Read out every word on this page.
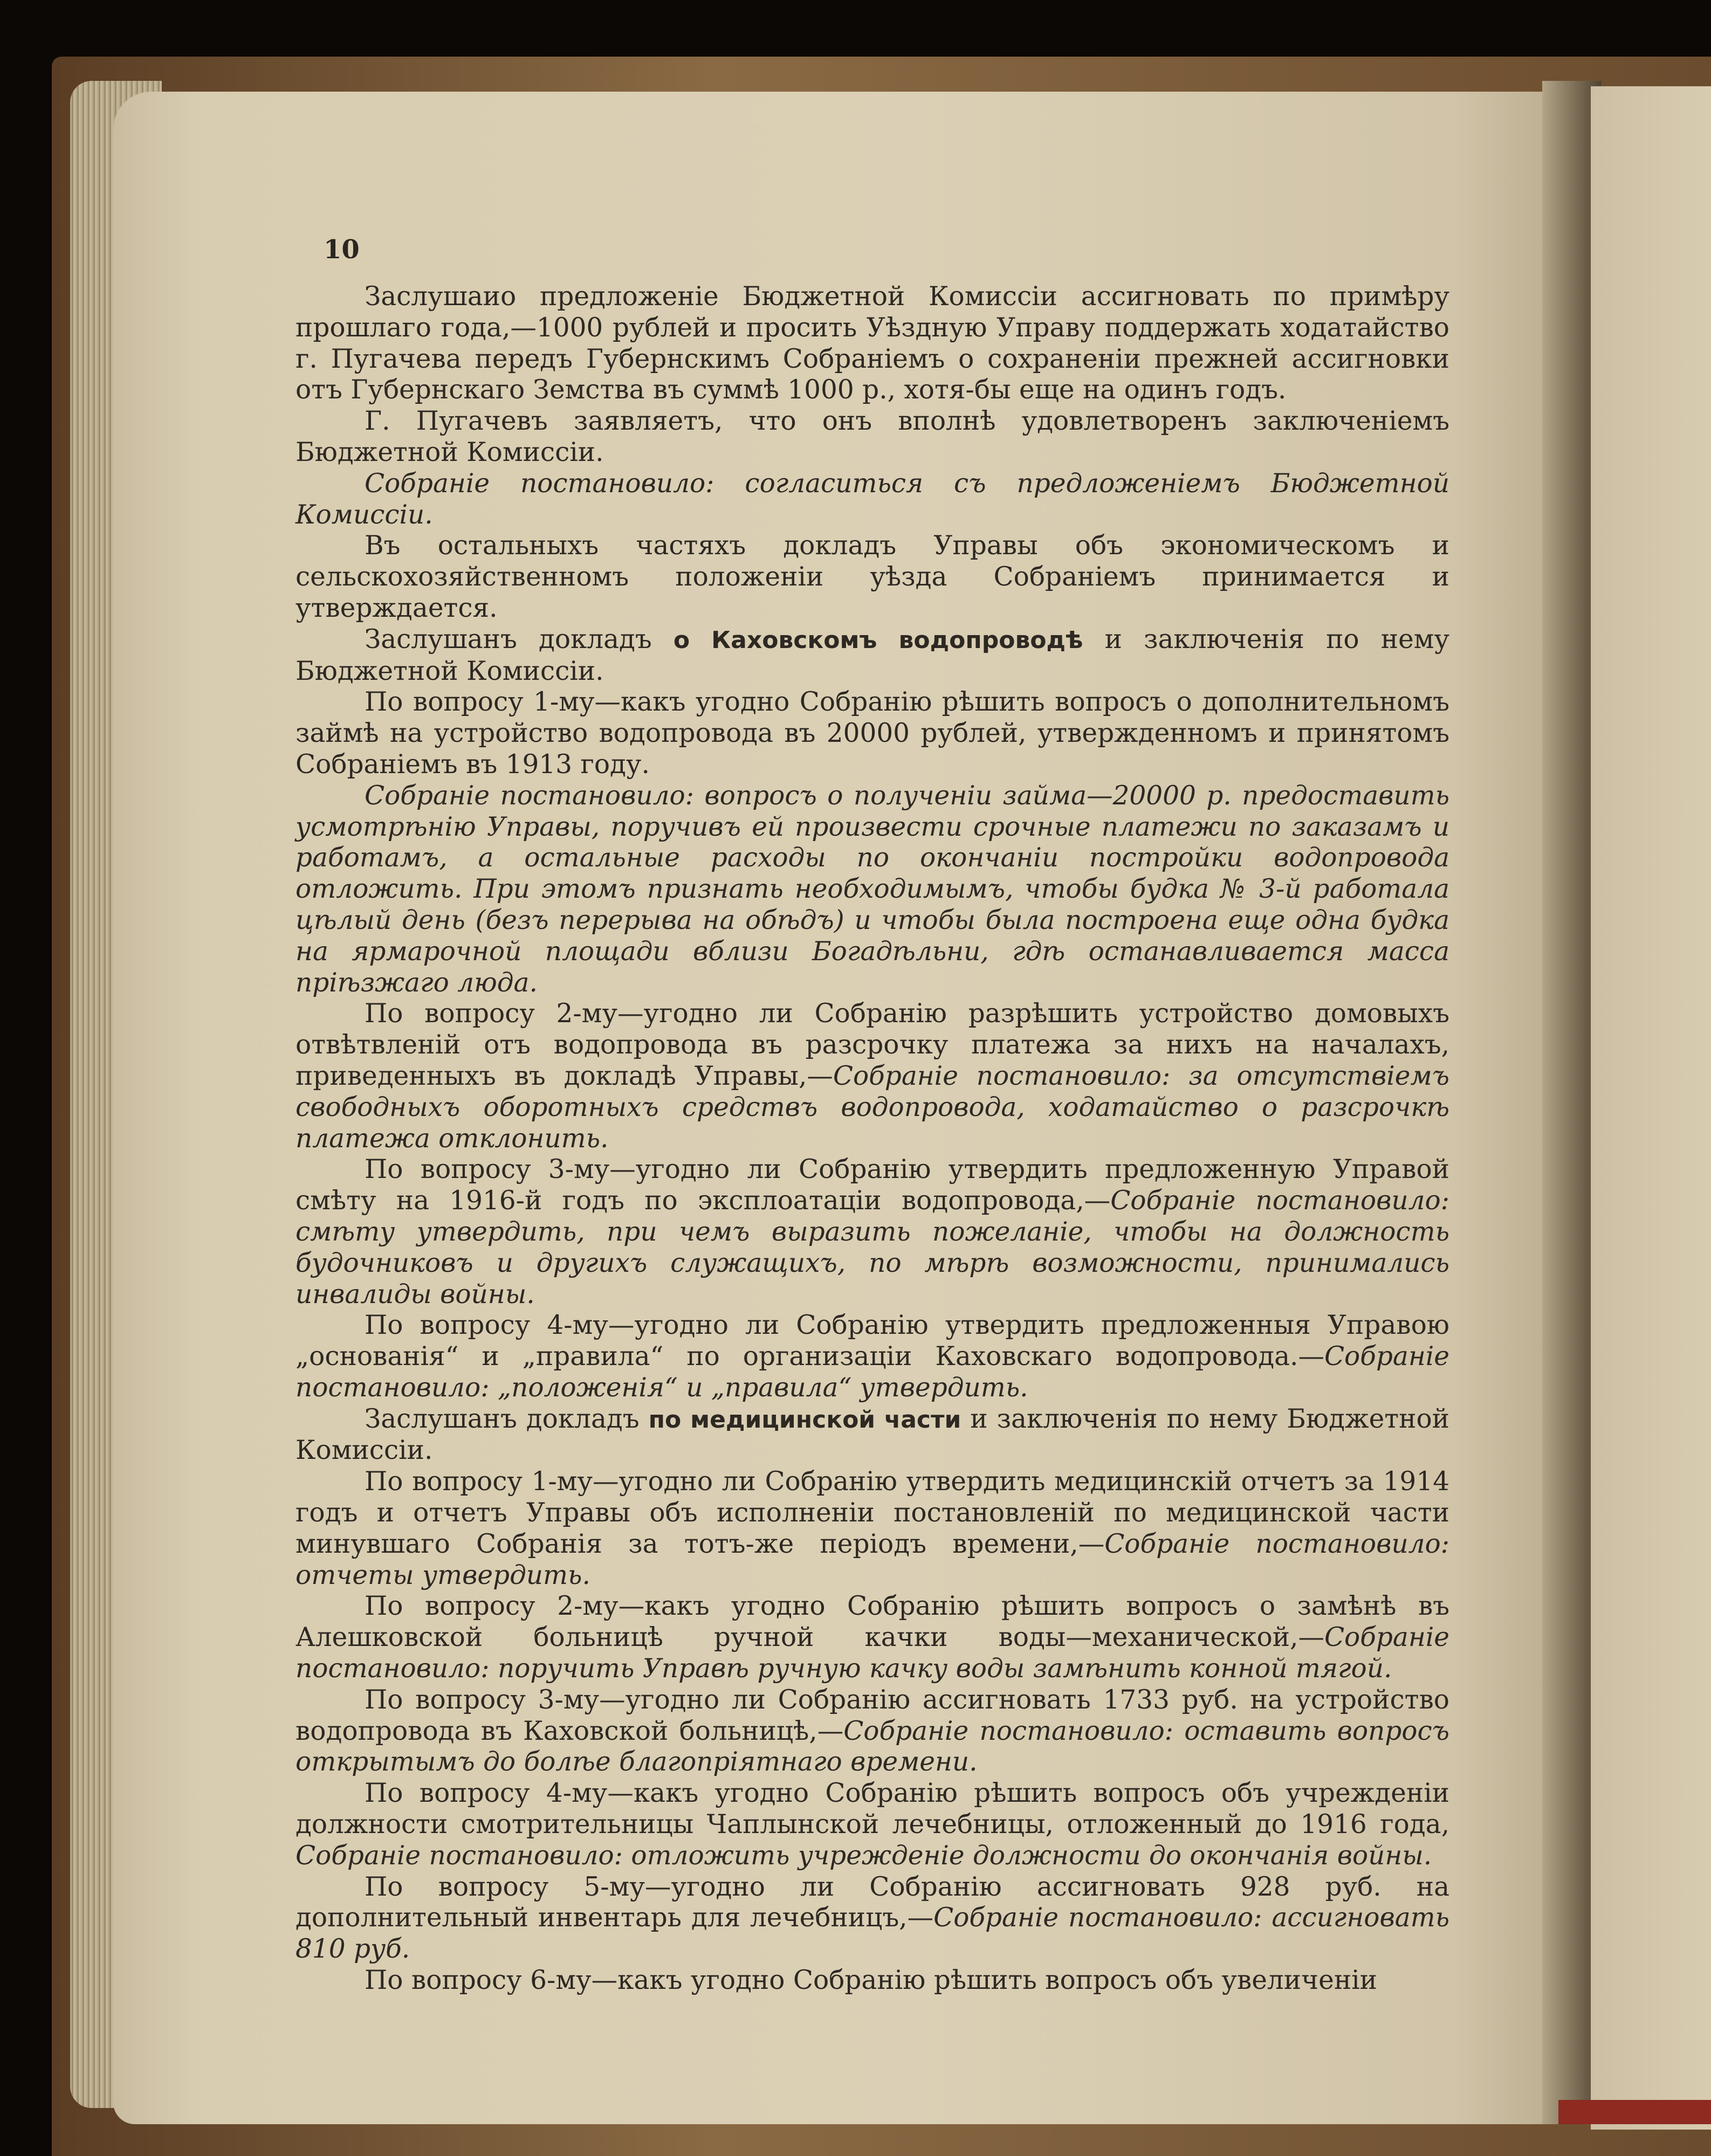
10

Заслушаио предложеніе Бюджетной Комиссіи ассигновать по примѣру прошлаго года,—1000 рублей и просить Уѣздную Управу поддержать ходатайство г. Пугачева передъ Губернскимъ Собраніемъ о сохраненіи прежней ассигновки отъ Губернскаго Земства въ суммѣ 1000 р., хотя-бы еще на одинъ годъ.

Г. Пугачевъ заявляетъ, что онъ вполнѣ удовлетворенъ заключеніемъ Бюджетной Комиссіи.

Собраніе постановило: согласиться съ предложеніемъ Бюджетной Комиссіи.

Въ остальныхъ частяхъ докладъ Управы объ экономическомъ и сельскохозяйственномъ положеніи уѣзда Собраніемъ принимается и утверждается.

Заслушанъ докладъ о Каховскомъ водопроводѣ и заключенія по нему Бюджетной Комиссіи.

По вопросу 1-му—какъ угодно Собранію рѣшить вопросъ о дополнительномъ займѣ на устройство водопровода въ 20000 рублей, утвержденномъ и принятомъ Собраніемъ въ 1913 году.

Собраніе постановило: вопросъ о полученіи займа—20000 р. предоставить усмотрѣнію Управы, поручивъ ей произвести срочные платежи по заказамъ и работамъ, а остальные расходы по окончаніи постройки водопровода отложить. При этомъ признать необходимымъ, чтобы будка № 3-й работала цѣлый день (безъ перерыва на обѣдъ) и чтобы была построена еще одна будка на ярмарочной площади вблизи Богадѣльни, гдѣ останавливается масса пріѣзжаго люда.

По вопросу 2-му—угодно ли Собранію разрѣшить устройство домовыхъ отвѣтвленій отъ водопровода въ разсрочку платежа за нихъ на началахъ, приведенныхъ въ докладѣ Управы,—Собраніе постановило: за отсутствіемъ свободныхъ оборотныхъ средствъ водопровода, ходатайство о разсрочкѣ платежа отклонить.

По вопросу 3-му—угодно ли Собранію утвердить предложенную Управой смѣту на 1916-й годъ по эксплоатаціи водопровода,—Собраніе постановило: смѣту утвердить, при чемъ выразить пожеланіе, чтобы на должность будочниковъ и другихъ служащихъ, по мѣрѣ возможности, принимались инвалиды войны.

По вопросу 4-му—угодно ли Собранію утвердить предложенныя Управою „основанія“ и „правила“ по организаціи Каховскаго водопровода.—Собраніе постановило: „положенія“ и „правила“ утвердить.

Заслушанъ докладъ по медицинской части и заключенія по нему Бюджетной Комиссіи.

По вопросу 1-му—угодно ли Собранію утвердить медицинскій отчетъ за 1914 годъ и отчетъ Управы объ исполненіи постановленій по медицинской части минувшаго Собранія за тотъ-же періодъ времени,—Собраніе постановило: отчеты утвердить.

По вопросу 2-му—какъ угодно Собранію рѣшить вопросъ о замѣнѣ въ Алешковской больницѣ ручной качки воды—механической,—Собраніе постановило: поручить Управѣ ручную качку воды замѣнить конной тягой.

По вопросу 3-му—угодно ли Собранію ассигновать 1733 руб. на устройство водопровода въ Каховской больницѣ,—Собраніе постановило: оставить вопросъ открытымъ до болѣе благопріятнаго времени.

По вопросу 4-му—какъ угодно Собранію рѣшить вопросъ объ учрежденіи должности смотрительницы Чаплынской лечебницы, отложенный до 1916 года, Собраніе постановило: отложить учрежденіе должности до окончанія войны.

По вопросу 5-му—угодно ли Собранію ассигновать 928 руб. на дополнительный инвентарь для лечебницъ,—Собраніе постановило: ассигновать 810 руб.

По вопросу 6-му—какъ угодно Собранію рѣшить вопросъ объ увеличеніи
